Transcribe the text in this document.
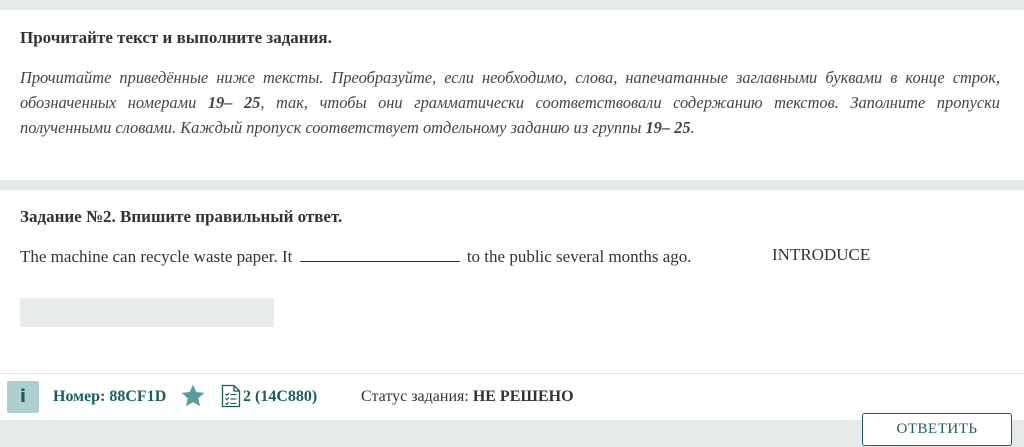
Прочитайте текст и выполните задания.
Прочитайте приведённые ниже тексты. Преобразуйте, если необходимо, слова, напечатанные заглавными буквами в конце строк, обозначенных номерами 19– 25, так, чтобы они грамматически соответствовали содержанию текстов. Заполните пропуски полученными словами. Каждый пропуск соответствует отдельному заданию из группы 19– 25.
Задание №2. Впишите правильный ответ.
The machine can recycle waste paper. It	to the public several months ago.	INTRODUCE
i	Номер: 88CF1D	2 (14C880)	Статус задания: НЕ РЕШЕНО
ОТВЕТИТЬ
